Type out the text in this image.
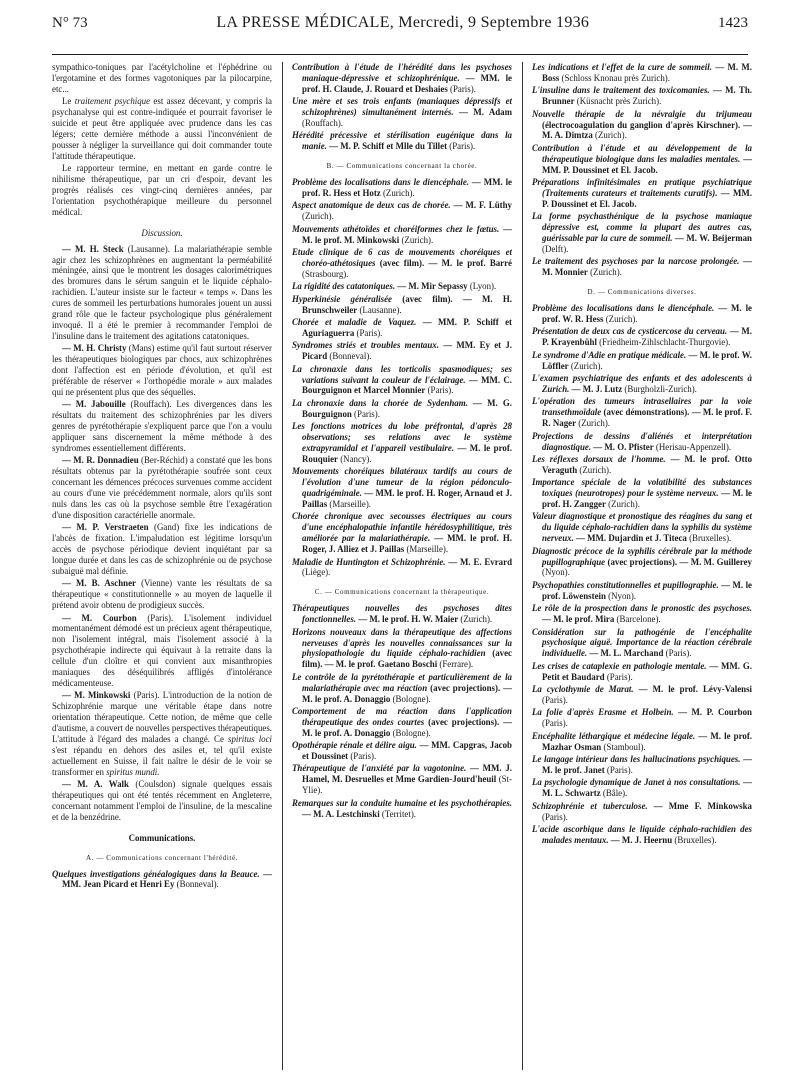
N° 73	LA PRESSE MÉDICALE, Mercredi, 9 Septembre 1936	1423

sympathico-toniques par l'acétylcholine et l'éphédrine ou l'ergotamine et des formes vagotoniques par la pilocarpine, etc...

Le traitement psychique est assez décevant, y compris la psychanalyse qui est contre-indiquée et pourrait favoriser le suicide et peut être appliquée avec prudence dans les cas légers; cette dernière méthode a aussi l'inconvénient de pousser à négliger la surveillance qui doit commander toute l'attitude thérapeutique.

Le rapporteur termine, en mettant en garde contre le nihilisme thérapeutique, par un cri d'espoir, devant les progrès réalisés ces vingt-cinq dernières années, par l'orientation psychothérapique meilleure du personnel médical.

Discussion.

— M. H. Steck (Lausanne). La malariathérapie semble agir chez les schizophrènes en augmentant la perméabilité méningée, ainsi que le montrent les dosages calorimétriques des bromures dans le sérum sanguin et le liquide céphalo-rachidien. L'auteur insiste sur le facteur « temps ». Dans les cures de sommeil les perturbations humorales jouent un aussi grand rôle que le facteur psychologique plus généralement invoqué. Il a été le premier à recommander l'emploi de l'insuline dans le traitement des agitations catatoniques.

— M. H. Christy (Mans) estime qu'il faut surtout réserver les thérapeutiques biologiques par chocs, aux schizophrènes dont l'affection est en période d'évolution, et qu'il est préférable de réserver « l'orthopédie morale » aux malades qui ne présentent plus que des séquelles.

— M. Jabouille (Rouffach). Les divergences dans les résultats du traitement des schizophrénies par les divers genres de pyrétothérapie s'expliquent parce que l'on a voulu appliquer sans discernement la même méthode à des syndromes essentiellement différents.

— M. R. Donnadieu (Ber-Réchid) a constaté que les bons résultats obtenus par la pyrétothérapie soufrée sont ceux concernant les démences précoces survenues comme accident au cours d'une vie précédemment normale, alors qu'ils sont nuls dans les cas où la psychose semble être l'exagération d'une disposition caractérielle anormale.

— M. P. Verstraeten (Gand) fixe les indications de l'abcès de fixation. L'impaludation est légitime lorsqu'un accès de psychose périodique devient inquiétant par sa longue durée et dans les cas de schizophrénie ou de psychose subaiguë mal définie.

— M. B. Aschner (Vienne) vante les résultats de sa thérapeutique « constitutionnelle » au moyen de laquelle il prétend avoir obtenu de prodigieux succès.

— M. Courbon (Paris). L'isolement individuel momentanément démodé est un précieux agent thérapeutique, non l'isolement intégral, mais l'isolement associé à la psychothérapie indirecte qui équivaut à la retraite dans la cellule d'un cloître et qui convient aux misanthropies maniaques des déséquilibrés affligés d'intolérance médicamenteuse.

— M. Minkowski (Paris). L'introduction de la notion de Schizophrénie marque une véritable étape dans notre orientation thérapeutique. Cette notion, de même que celle d'autisme, a couvert de nouvelles perspectives thérapeutiques. L'attitude à l'égard des malades a changé. Ce spiritus loci s'est répandu en dehors des asiles et, tel qu'il existe actuellement en Suisse, il fait naître le désir de le voir se transformer en spiritus mundi.

— M. A. Walk (Coulsdon) signale quelques essais thérapeutiques qui ont été tentés récemment en Angleterre, concernant notamment l'emploi de l'insuline, de la mescaline et de la benzédrine.

Communications.

A. — Communications concernant l'hérédité.

Quelques investigations généalogiques dans la Beauce. — MM. Jean Picard et Henri Ey (Bonneval).

Contribution à l'étude de l'hérédité dans les psychoses maniaque-dépressive et schizophrénique. — MM. le prof. H. Claude, J. Rouard et Deshaies (Paris).

Une mère et ses trois enfants (maniaques dépressifs et schizophrènes) simultanément internés. — M. Adam (Rouffach).

Hérédité précessive et stérilisation eugénique dans la manie. — M. P. Schiff et Mlle du Tillet (Paris).

B. — Communications concernant la chorée.

Problème des localisations dans le diencéphale. — MM. le prof. R. Hess et Hotz (Zurich).

Aspect anatomique de deux cas de chorée. — M. F. Lüthy (Zurich).

Mouvements athétoïdes et choréiformes chez le fœtus. — M. le prof. M. Minkowski (Zurich).

Etude clinique de 6 cas de mouvements choréiques et choréo-athétosiques (avec film). — M. le prof. Barré (Strasbourg).

La rigidité des catatoniques. — M. Mir Sepassy (Lyon).

Hyperkinésie généralisée (avec film). — M. H. Brunschweiler (Lausanne).

Chorée et maladie de Vaquez. — MM. P. Schiff et Aguriaguerra (Paris).

Syndromes striés et troubles mentaux. — MM. Ey et J. Picard (Bonneval).

La chronaxie dans les torticolis spasmodiques; ses variations suivant la couleur de l'éclairage. — MM. C. Bourguignon et Marcel Monnier (Paris).

La chronaxie dans la chorée de Sydenham. — M. G. Bourguignon (Paris).

Les fonctions motrices du lobe préfrontal, d'après 28 observations; ses relations avec le système extrapyramidal et l'appareil vestibulaire. — M. le prof. Rouquier (Nancy).

Mouvements choréiques bilatéraux tardifs au cours de l'évolution d'une tumeur de la région pédonculo-quadrigéminale. — MM. le prof. H. Roger, Arnaud et J. Paillas (Marseille).

Chorée chronique avec secousses électriques au cours d'une encéphalopathie infantile hérédosyphilitique, très améliorée par la malariathérapie. — MM. le prof. H. Roger, J. Alliez et J. Paillas (Marseille).

Maladie de Huntington et Schizophrénie. — M. E. Evrard (Liège).

C. — Communications concernant la thérapeutique.

Thérapeutiques nouvelles des psychoses dites fonctionnelles. — M. le prof. H. W. Maier (Zurich).

Horizons nouveaux dans la thérapeutique des affections nerveuses d'après les nouvelles connaissances sur la physiopathologie du liquide céphalo-rachidien (avec film). — M. le prof. Gaetano Boschi (Ferrare).

Le contrôle de la pyrétothérapie et particulièrement de la malariathérapie avec ma réaction (avec projections). — M. le prof. A. Donaggio (Bologne).

Comportement de ma réaction dans l'application thérapeutique des ondes courtes (avec projections). — M. le prof. A. Donaggio (Bologne).

Opothérapie rénale et délire aigu. — MM. Capgras, Jacob et Doussinet (Paris).

Thérapeutique de l'anxiété par la vagotonine. — MM. J. Hamel, M. Desruelles et Mme Gardien-Jourd'heuil (St-Ylie).

Remarques sur la conduite humaine et les psychothérapies. — M. A. Lestchinski (Territet).

Les indications et l'effet de la cure de sommeil. — M. M. Boss (Schloss Knonau près Zurich).

L'insuline dans le traitement des toxicomanies. — M. Th. Brunner (Küsnacht près Zurich).

Nouvelle thérapie de la névralgie du trijumeau (électrocoagulation du ganglion d'après Kirschner). — M. A. Dimtza (Zurich).

Contribution à l'étude et au développement de la thérapeutique biologique dans les maladies mentales. — MM. P. Doussinet et El. Jacob.

Préparations infinitésimales en pratique psychiatrique (Traitements curateurs et traitements curatifs). — MM. P. Doussinet et El. Jacob.

La forme psychasthénique de la psychose maniaque dépressive est, comme la plupart des autres cas, guérissable par la cure de sommeil. — M. W. Beijerman (Delft).

Le traitement des psychoses par la narcose prolongée. — M. Monnier (Zurich).

D. — Communications diverses.

Problème des localisations dans le diencéphale. — M. le prof. W. R. Hess (Zurich).

Présentation de deux cas de cysticercose du cerveau. — M. P. Krayenbühl (Friedheim-Zihlschlacht-Thurgovie).

Le syndrome d'Adie en pratique médicale. — M. le prof. W. Löffler (Zurich).

L'examen psychiatrique des enfants et des adolescents à Zurich. — M. J. Lutz (Burgholzli-Zurich).

L'opération des tumeurs intrasellaires par la voie transethmoïdale (avec démonstrations). — M. le prof. F. R. Nager (Zurich).

Projections de dessins d'aliénés et interprétation diagnostique. — M. O. Pfister (Herisau-Appenzell).

Les réflexes dorsaux de l'homme. — M. le prof. Otto Veraguth (Zurich).

Importance spéciale de la volatibilité des substances toxiques (neurotropes) pour le système nerveux. — M. le prof. H. Zangger (Zurich).

Valeur diagnostique et pronostique des réagines du sang et du liquide céphalo-rachidien dans la syphilis du système nerveux. — MM. Dujardin et J. Titeca (Bruxelles).

Diagnostic précoce de la syphilis cérébrale par la méthode pupillographique (avec projections). — M. M. Guillerey (Nyon).

Psychopathies constitutionnelles et pupillographie. — M. le prof. Löwenstein (Nyon).

Le rôle de la prospection dans le pronostic des psychoses. — M. le prof. Mira (Barcelone).

Considération sur la pathogénie de l'encéphalite psychosique aiguë. Importance de la réaction cérébrale individuelle. — M. L. Marchand (Paris).

Les crises de cataplexie en pathologie mentale. — MM. G. Petit et Baudard (Paris).

La cyclothymie de Marat. — M. le prof. Lévy-Valensi (Paris).

La folie d'après Erasme et Holbein. — M. P. Courbon (Paris).

Encéphalite léthargique et médecine légale. — M. le prof. Mazhar Osman (Stamboul).

Le langage intérieur dans les hallucinations psychiques. — M. le prof. Janet (Paris).

La psychologie dynamique de Janet à nos consultations. — M. L. Schwartz (Bâle).

Schizophrénie et tuberculose. — Mme F. Minkowska (Paris).

L'acide ascorbique dans le liquide céphalo-rachidien des malades mentaux. — M. J. Heernu (Bruxelles).
